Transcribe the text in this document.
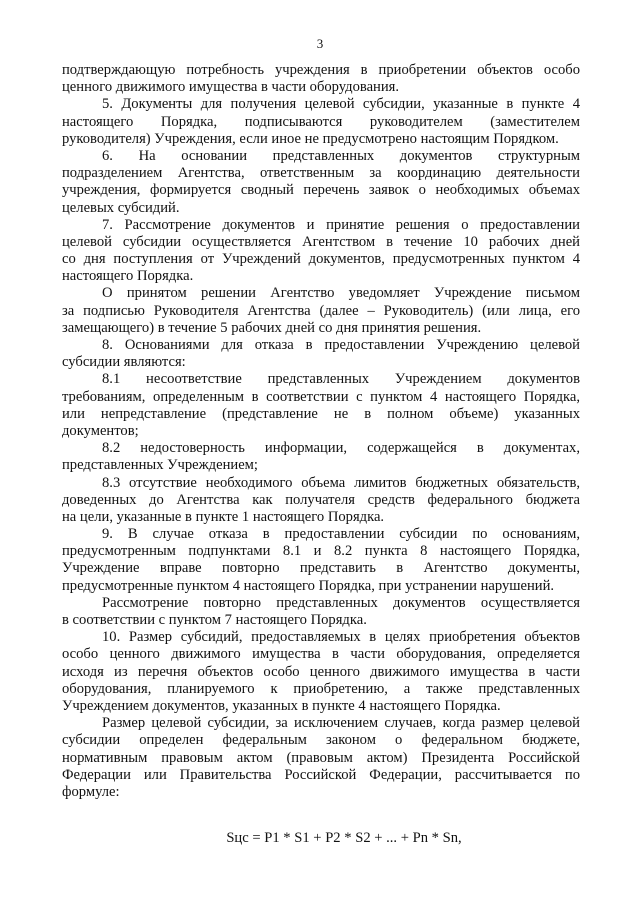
3
подтверждающую потребность учреждения в приобретении объектов особо
ценного движимого имущества в части оборудования.
5. Документы для получения целевой субсидии, указанные в пункте 4
настоящего Порядка, подписываются руководителем (заместителем
руководителя) Учреждения, если иное не предусмотрено настоящим Порядком.
6. На основании представленных документов структурным
подразделением Агентства, ответственным за координацию деятельности
учреждения, формируется сводный перечень заявок о необходимых объемах
целевых субсидий.
7. Рассмотрение документов и принятие решения о предоставлении
целевой субсидии осуществляется Агентством в течение 10 рабочих дней
со дня поступления от Учреждений документов, предусмотренных пунктом 4
настоящего Порядка.
О принятом решении Агентство уведомляет Учреждение письмом
за подписью Руководителя Агентства (далее – Руководитель) (или лица, его
замещающего) в течение 5 рабочих дней со дня принятия решения.
8. Основаниями для отказа в предоставлении Учреждению целевой
субсидии являются:
8.1 несоответствие представленных Учреждением документов
требованиям, определенным в соответствии с пунктом 4 настоящего Порядка,
или непредставление (представление не в полном объеме) указанных
документов;
8.2 недостоверность информации, содержащейся в документах,
представленных Учреждением;
8.3 отсутствие необходимого объема лимитов бюджетных обязательств,
доведенных до Агентства как получателя средств федерального бюджета
на цели, указанные в пункте 1 настоящего Порядка.
9. В случае отказа в предоставлении субсидии по основаниям,
предусмотренным подпунктами 8.1 и 8.2 пункта 8 настоящего Порядка,
Учреждение вправе повторно представить в Агентство документы,
предусмотренные пунктом 4 настоящего Порядка, при устранении нарушений.
Рассмотрение повторно представленных документов осуществляется
в соответствии с пунктом 7 настоящего Порядка.
10. Размер субсидий, предоставляемых в целях приобретения объектов
особо ценного движимого имущества в части оборудования, определяется
исходя из перечня объектов особо ценного движимого имущества в части
оборудования, планируемого к приобретению, а также представленных
Учреждением документов, указанных в пункте 4 настоящего Порядка.
Размер целевой субсидии, за исключением случаев, когда размер целевой
субсидии определен федеральным законом о федеральном бюджете,
нормативным правовым актом (правовым актом) Президента Российской
Федерации или Правительства Российской Федерации, рассчитывается по
формуле:
Sцс = P1 * S1 + P2 * S2 + ... + Pn * Sn,
